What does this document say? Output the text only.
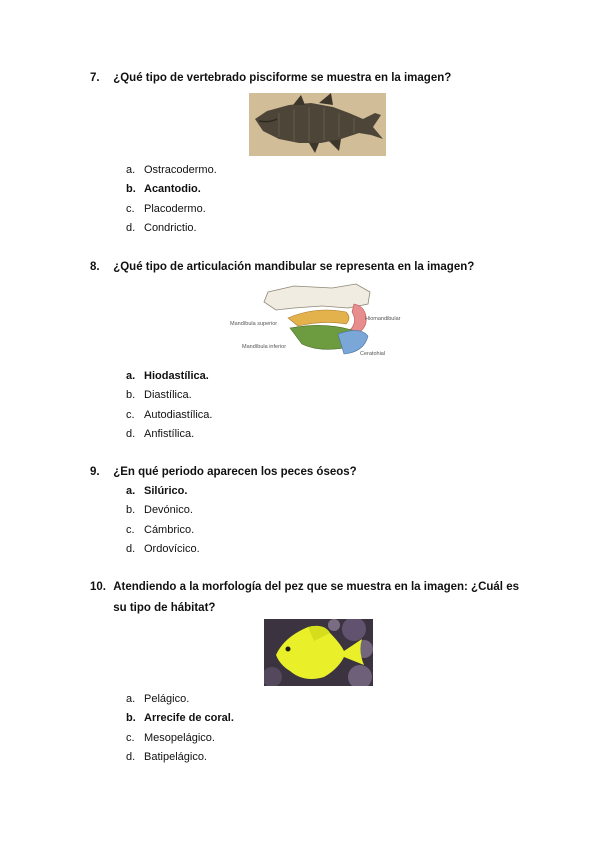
7. ¿Qué tipo de vertebrado pisciforme se muestra en la imagen?
a. Ostracodermo.
b. Acantodio.
c. Placodermo.
d. Condrictio.
8. ¿Qué tipo de articulación mandibular se representa en la imagen?
Hiomandibular
Mandíbula superior
Mandíbula inferior
Ceratohial
a. Hiodastílica.
b. Diastílica.
c. Autodiastílica.
d. Anfistílica.
9. ¿En qué periodo aparecen los peces óseos?
a. Silúrico.
b. Devónico.
c. Cámbrico.
d. Ordovícico.
10. Atendiendo a la morfología del pez que se muestra en la imagen: ¿Cuál es su tipo de hábitat?
a. Pelágico.
b. Arrecife de coral.
c. Mesopelágico.
d. Batipelágico.
